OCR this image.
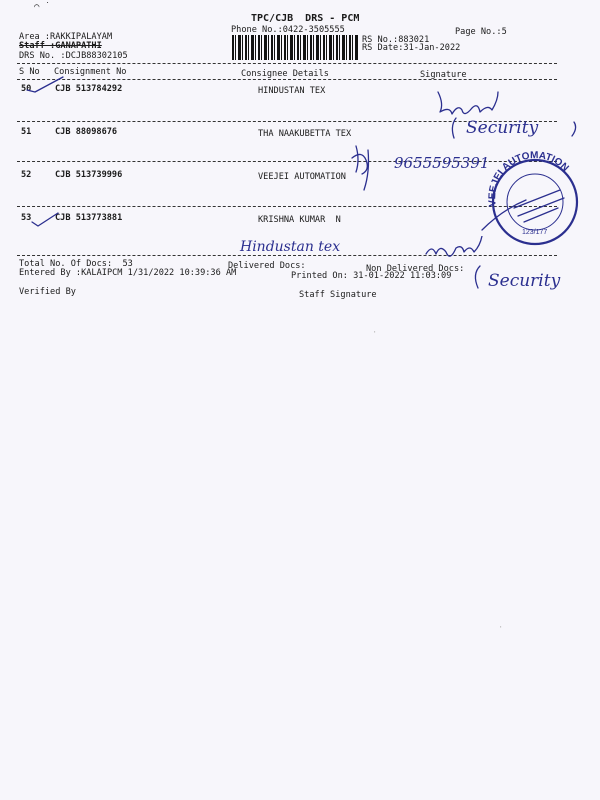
⌒ ˙
TPC/CJB  DRS - PCM
Phone No.:0422-3505555	Page No.:5
Area :RAKKIPALAYAM
Staff :GANAPATHI
DRS No. :DCJB88302105
RS No.:883021
RS Date:31-Jan-2022
S No Consignment No	Consignee Details	Signature
50	CJB 513784292	HINDUSTAN TEX
51	CJB 88098676	THA NAAKUBETTA TEX
52	CJB 513739996	VEEJEI AUTOMATION
53	CJB 513773881	KRISHNA KUMAR  N
Total No. Of Docs:  53	Delivered Docs:	Non Delivered Docs:
Entered By :KALAIPCM 1/31/2022 10:39:36 AM	Printed On: 31-01-2022 11:03:09
Verified By	Staff Signature
Security
9655595391
Hindustan tex
Security
VEEJEI AUTOMATION
123/177
·
·
